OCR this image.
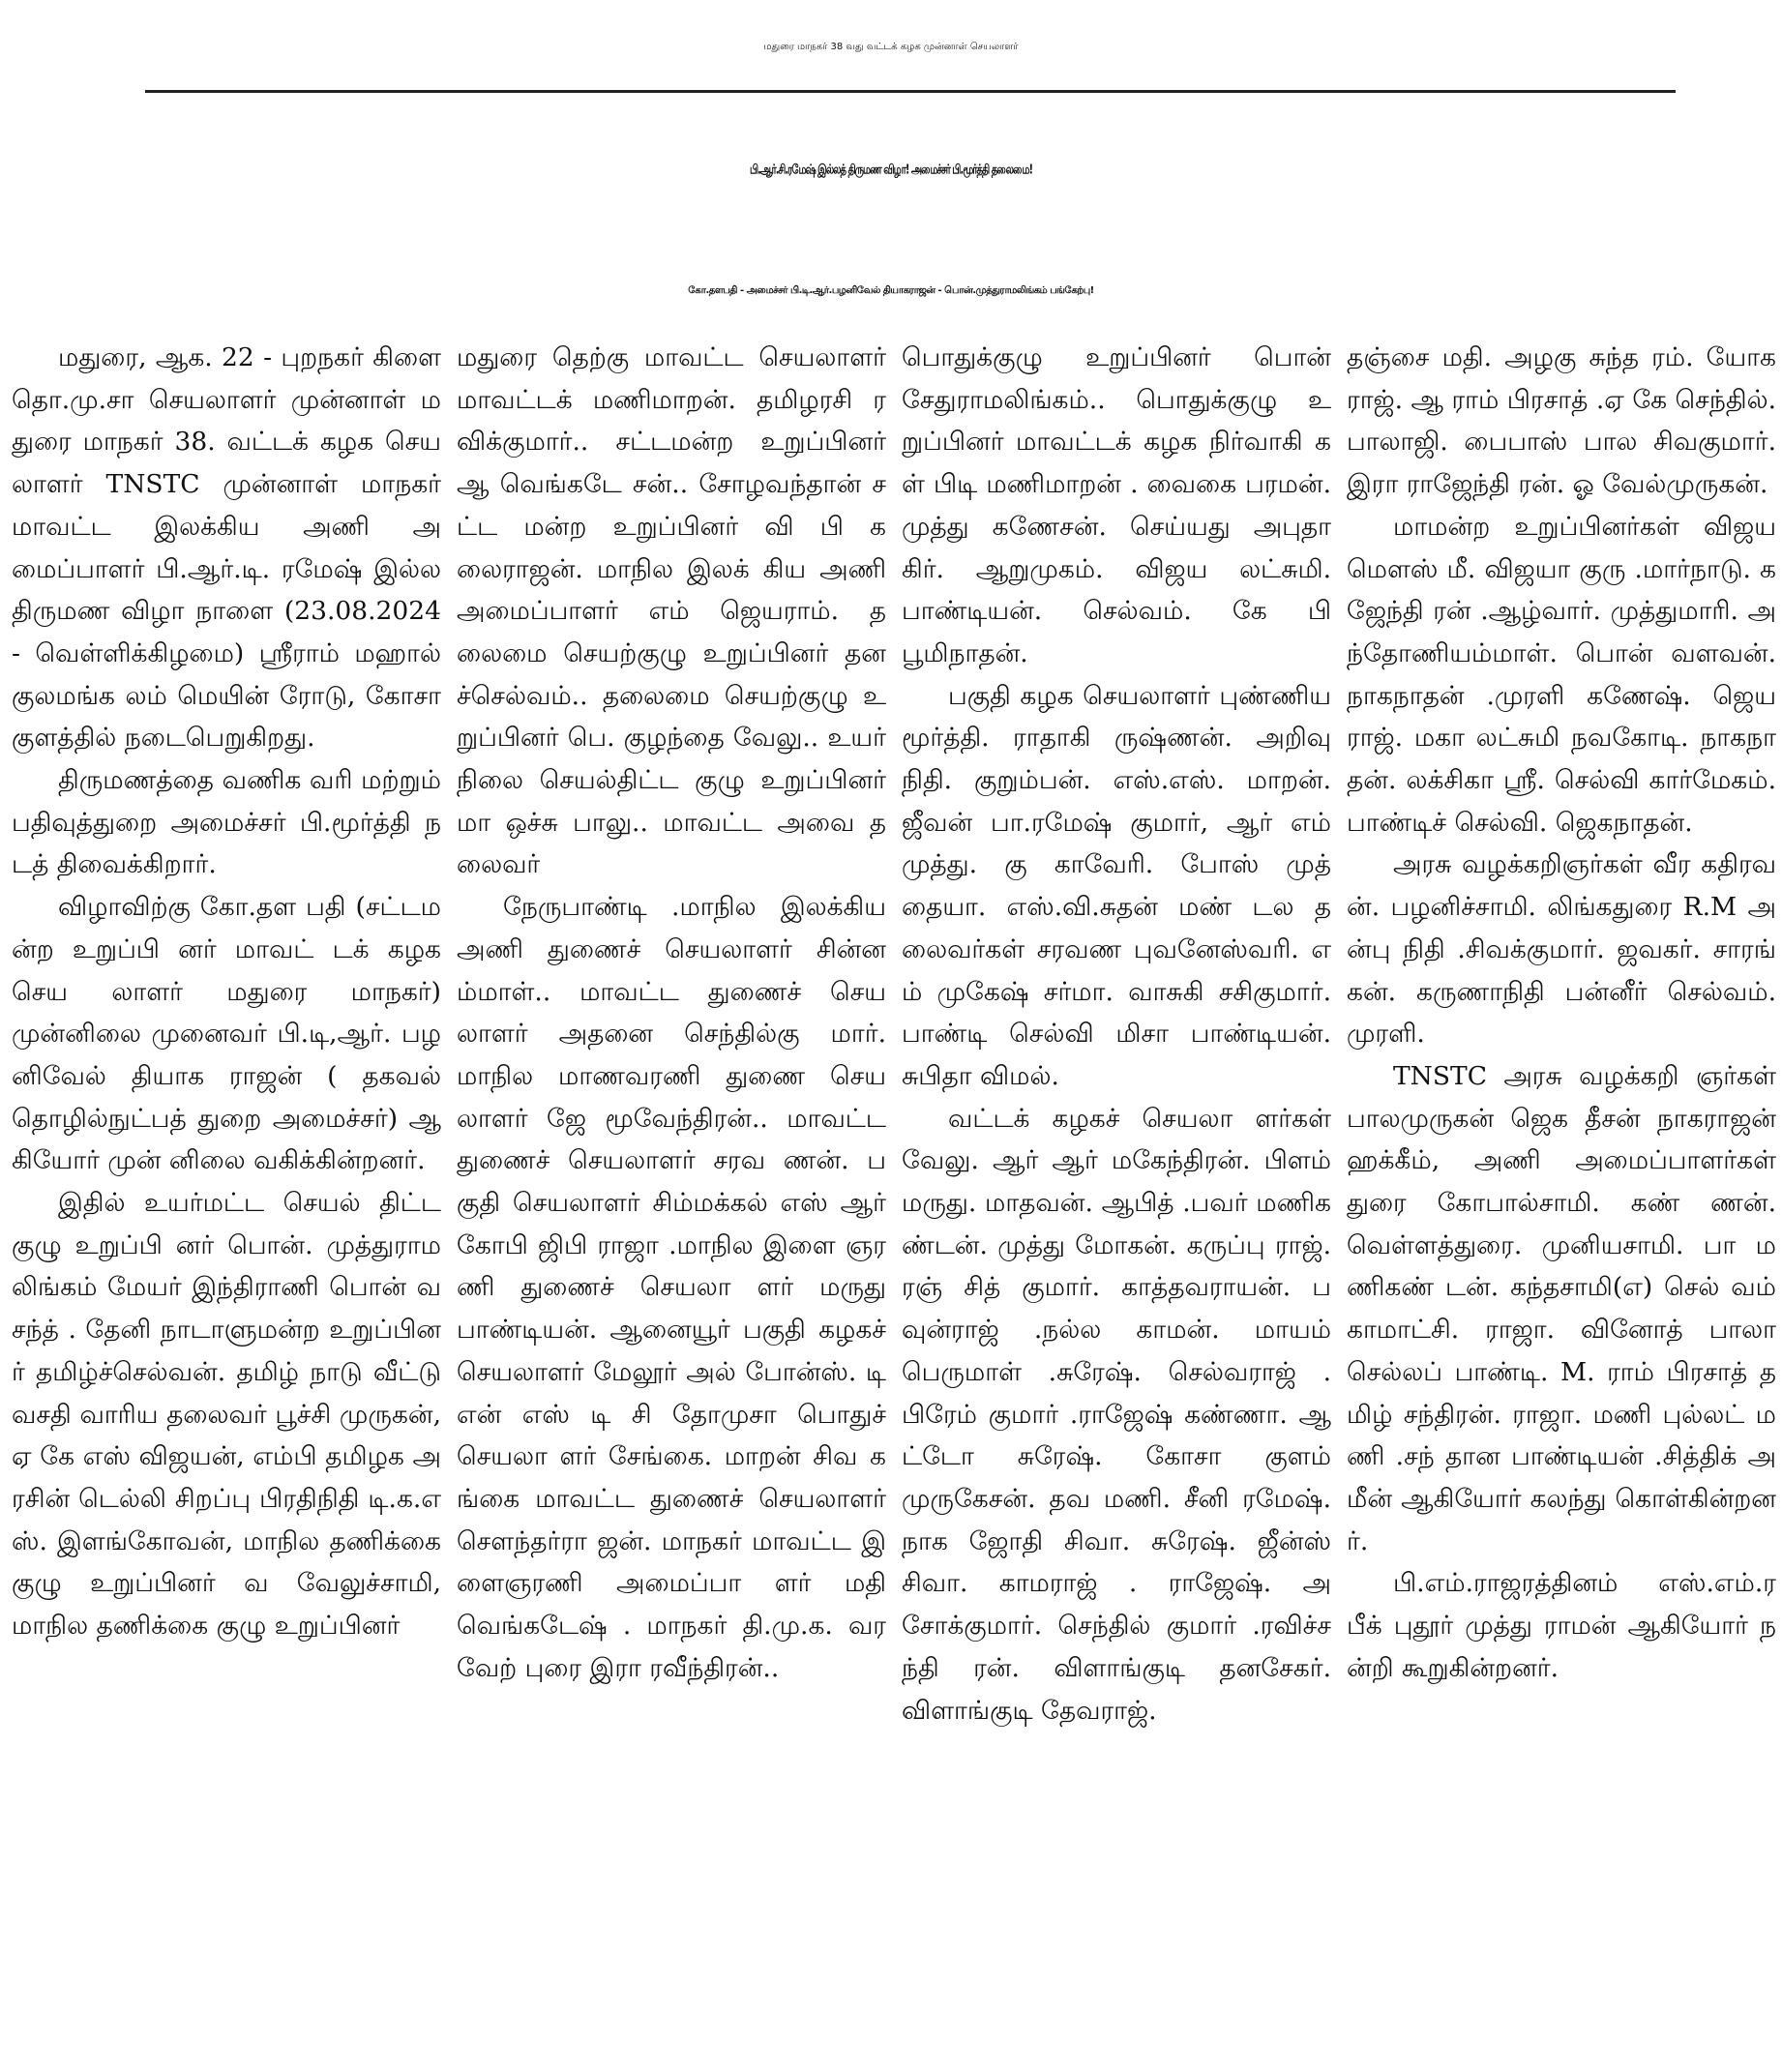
மதுரை மாநகர் 38 வது வட்டக் கழக முன்னாள் செயலாளர்
பி.ஆர்.சி.ரமேஷ் இல்லத் திருமண விழா! அமைச்சர் பி.மூர்த்தி தலைமை!
கோ.தளபதி - அமைச்சர் பி.டி.ஆர்.பழனிவேல் தியாகராஜன் - பொன்.முத்துராமலிங்கம் பங்கேற்பு!

மதுரை, ஆக. 22 - புறநகர் கிளை தொ.மு.சா செயலாளர் முன்னாள் மதுரை மாநகர் 38. வட்டக் கழக செயலாளர் TNSTC முன்னாள் மாநகர் மாவட்ட இலக்கிய அணி அமைப்பாளர் பி.ஆர்.டி. ரமேஷ் இல்ல திருமண விழா நாளை (23.08.2024 - வெள்ளிக்கிழமை) ஸ்ரீராம் மஹால் குலமங்க லம் மெயின் ரோடு, கோசா குளத்தில் நடைபெறுகிறது.

திருமணத்தை வணிக வரி மற்றும் பதிவுத்துறை அமைச்சர் பி.மூர்த்தி நடத் திவைக்கிறார்.

விழாவிற்கு கோ.தள பதி (சட்டமன்ற உறுப்பி னர் மாவட் டக் கழக செய லாளர் மதுரை மாநகர்) முன்னிலை முனைவர் பி.டி,ஆர். பழனிவேல் தியாக ராஜன் ( தகவல் தொழில்நுட்பத் துறை அமைச்சர்) ஆகியோர் முன் னிலை வகிக்கின்றனர்.

இதில் உயர்மட்ட செயல் திட்ட குழு உறுப்பி னர் பொன். முத்துராம லிங்கம் மேயர் இந்திராணி பொன் வசந்த் . தேனி நாடாளுமன்ற உறுப்பினர் தமிழ்ச்செல்வன். தமிழ் நாடு வீட்டு வசதி வாரிய தலைவர் பூச்சி முருகன், ஏ கே எஸ் விஜயன், எம்பி தமிழக அரசின் டெல்லி சிறப்பு பிரதிநிதி டி.க.எஸ். இளங்கோவன், மாநில தணிக்கை குழு உறுப்பினர் வ வேலுச்சாமி, மாநில தணிக்கை குழு உறுப்பினர்

மதுரை தெற்கு மாவட்ட செயலாளர் மாவட்டக் மணிமாறன். தமிழரசி ரவிக்குமார்.. சட்டமன்ற உறுப்பினர் ஆ வெங்கடே சன்.. சோழவந்தான் சட்ட மன்ற உறுப்பினர் வி பி கலைராஜன். மாநில இலக் கிய அணி அமைப்பாளர் எம் ஜெயராம். தலைமை செயற்குழு உறுப்பினர் தனச்செல்வம்.. தலைமை செயற்குழு உறுப்பினர் பெ. குழந்தை வேலு.. உயர் நிலை செயல்திட்ட குழு உறுப்பினர் மா ஒச்சு பாலு.. மாவட்ட அவை தலைவர்

நேருபாண்டி .மாநில இலக்கிய அணி துணைச் செயலாளர் சின்னம்மாள்.. மாவட்ட துணைச் செய லாளர் அதனை செந்தில்கு மார். மாநில மாணவரணி துணை செயலாளர் ஜே மூவேந்திரன்.. மாவட்ட துணைச் செயலாளர் சரவ ணன். பகுதி செயலாளர் சிம்மக்கல் எஸ் ஆர் கோபி ஜிபி ராஜா .மாநில இளை ஞரணி துணைச் செயலா ளர் மருது பாண்டியன். ஆனையூர் பகுதி கழகச் செயலாளர் மேலூர் அல் போன்ஸ். டி என் எஸ் டி சி தோமுசா பொதுச் செயலா ளர் சேங்கை. மாறன் சிவ கங்கை மாவட்ட துணைச் செயலாளர் சௌந்தர்ரா ஜன். மாநகர் மாவட்ட இளைஞரணி அமைப்பா ளர் மதி வெங்கடேஷ் . மாநகர் தி.மு.க. வரவேற் புரை இரா ரவீந்திரன்..

பொதுக்குழு உறுப்பினர் பொன் சேதுராமலிங்கம்.. பொதுக்குழு உறுப்பினர் மாவட்டக் கழக நிர்வாகி கள் பிடி மணிமாறன் . வைகை பரமன். முத்து கணேசன். செய்யது அபுதா கிர். ஆறுமுகம். விஜய லட்சுமி. பாண்டியன். செல்வம். கே பி பூமிநாதன்.

பகுதி கழக செயலாளர் புண்ணியமூர்த்தி. ராதாகி ருஷ்ணன். அறிவு நிதி. குறும்பன். எஸ்.எஸ். மாறன். ஜீவன் பா.ரமேஷ் குமார், ஆர் எம் முத்து. கு காவேரி. போஸ் முத் தையா. எஸ்.வி.சுதன் மண் டல தலைவர்கள் சரவண புவனேஸ்வரி. எம் முகேஷ் சர்மா. வாசுகி சசிகுமார். பாண்டி செல்வி மிசா பாண்டியன். சுபிதா விமல்.

வட்டக் கழகச் செயலா ளர்கள் வேலு. ஆர் ஆர் மகேந்திரன். பிளம் மருது. மாதவன். ஆபித் .பவர் மணிகண்டன். முத்து மோகன். கருப்பு ராஜ். ரஞ் சித் குமார். காத்தவராயன். பவுன்ராஜ் .நல்ல காமன். மாயம் பெருமாள் .சுரேஷ். செல்வராஜ் .பிரேம் குமார் .ராஜேஷ் கண்ணா. ஆட்டோ சுரேஷ். கோசா குளம் முருகேசன். தவ மணி. சீனி ரமேஷ். நாக ஜோதி சிவா. சுரேஷ். ஜீன்ஸ் சிவா. காமராஜ் . ராஜேஷ். அசோக்குமார். செந்தில் குமார் .ரவிச்சந்தி ரன். விளாங்குடி தனசேகர். விளாங்குடி தேவராஜ்.

தஞ்சை மதி. அழகு சுந்த ரம். யோகராஜ். ஆ ராம் பிரசாத் .ஏ கே செந்தில். பாலாஜி. பைபாஸ் பால சிவகுமார். இரா ராஜேந்தி ரன். ஓ வேல்முருகன்.

மாமன்ற உறுப்பினர்கள் விஜய மௌஸ் மீ. விஜயா குரு .மார்நாடு. கஜேந்தி ரன் .ஆழ்வார். முத்துமாரி. அந்தோணியம்மாள். பொன் வளவன். நாகநாதன் .முரளி கணேஷ். ஜெயராஜ். மகா லட்சுமி நவகோடி. நாகநா தன். லக்சிகா ஸ்ரீ. செல்வி கார்மேகம். பாண்டிச் செல்வி. ஜெகநாதன்.

அரசு வழக்கறிஞர்கள் வீர கதிரவன். பழனிச்சாமி. லிங்கதுரை R.M அன்பு நிதி .சிவக்குமார். ஜவகர். சாரங் கன். கருணாநிதி பன்னீர் செல்வம். முரளி.

TNSTC அரசு வழக்கறி ஞர்கள் பாலமுருகன் ஜெக தீசன் நாகராஜன் ஹக்கீம், அணி அமைப்பாளர்கள் துரை கோபால்சாமி. கண் ணன். வெள்ளத்துரை. முனியசாமி. பா மணிகண் டன். கந்தசாமி(எ) செல் வம் காமாட்சி. ராஜா. வினோத் பாலா செல்லப் பாண்டி. M. ராம் பிரசாத் தமிழ் சந்திரன். ராஜா. மணி புல்லட் மணி .சந் தான பாண்டியன் .சித்திக் அமீன் ஆகியோர் கலந்து கொள்கின்றனர்.

பி.எம்.ராஜரத்தினம் எஸ்.எம்.ரபீக் புதூர் முத்து ராமன் ஆகியோர் நன்றி கூறுகின்றனர்.
